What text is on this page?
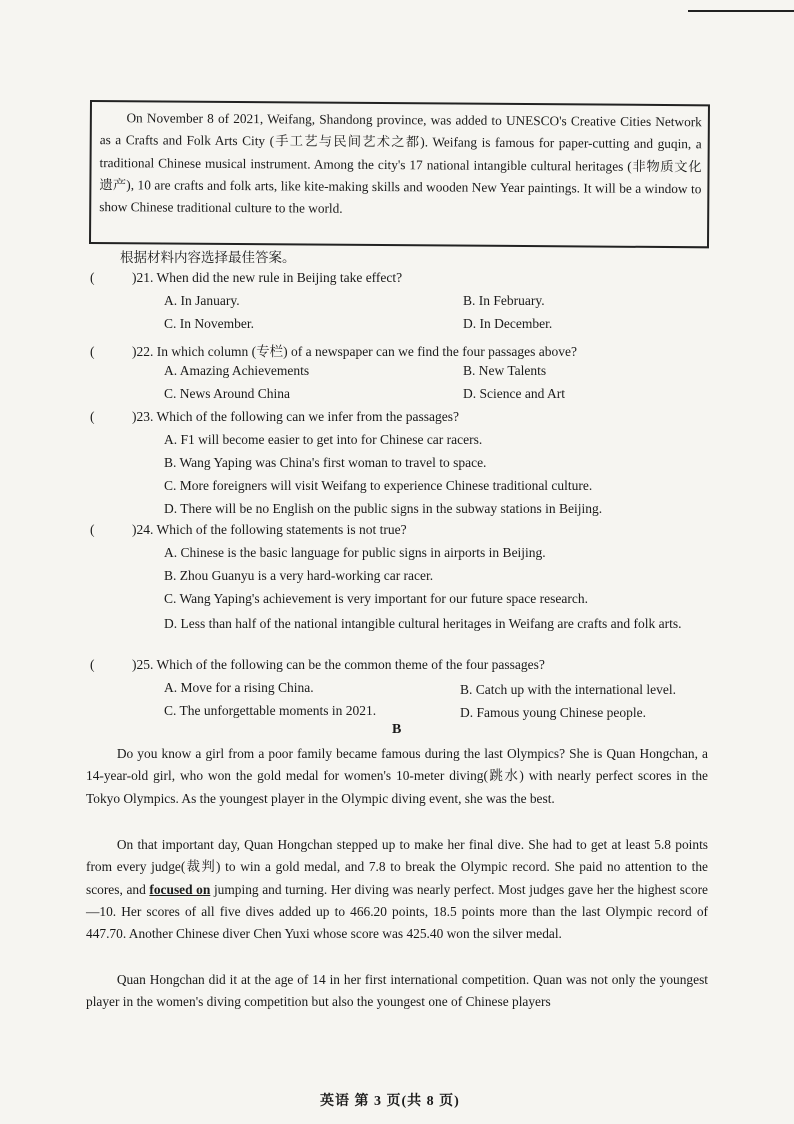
On November 8 of 2021, Weifang, Shandong province, was added to UNESCO's Creative Cities Network as a Crafts and Folk Arts City (手工艺与民间艺术之都). Weifang is famous for paper-cutting and guqin, a traditional Chinese musical instrument. Among the city's 17 national intangible cultural heritages (非物质文化遗产), 10 are crafts and folk arts, like kite-making skills and wooden New Year paintings. It will be a window to show Chinese traditional culture to the world.

根据材料内容选择最佳答案。
(	)21. When did the new rule in Beijing take effect?
A. In January.	B. In February.
C. In November.	D. In December.
(	)22. In which column (专栏) of a newspaper can we find the four passages above?
A. Amazing Achievements	B. New Talents
C. News Around China	D. Science and Art
(	)23. Which of the following can we infer from the passages?
A. F1 will become easier to get into for Chinese car racers.
B. Wang Yaping was China's first woman to travel to space.
C. More foreigners will visit Weifang to experience Chinese traditional culture.
D. There will be no English on the public signs in the subway stations in Beijing.
(	)24. Which of the following statements is not true?
A. Chinese is the basic language for public signs in airports in Beijing.
B. Zhou Guanyu is a very hard-working car racer.
C. Wang Yaping's achievement is very important for our future space research.
D. Less than half of the national intangible cultural heritages in Weifang are crafts and folk arts.
(	)25. Which of the following can be the common theme of the four passages?
A. Move for a rising China.	B. Catch up with the international level.
C. The unforgettable moments in 2021.	D. Famous young Chinese people.
B

Do you know a girl from a poor family became famous during the last Olympics? She is Quan Hongchan, a 14-year-old girl, who won the gold medal for women's 10-meter diving(跳水) with nearly perfect scores in the Tokyo Olympics. As the youngest player in the Olympic diving event, she was the best.

On that important day, Quan Hongchan stepped up to make her final dive. She had to get at least 5.8 points from every judge(裁判) to win a gold medal, and 7.8 to break the Olympic record. She paid no attention to the scores, and focused on jumping and turning. Her diving was nearly perfect. Most judges gave her the highest score—10. Her scores of all five dives added up to 466.20 points, 18.5 points more than the last Olympic record of 447.70. Another Chinese diver Chen Yuxi whose score was 425.40 won the silver medal.

Quan Hongchan did it at the age of 14 in her first international competition. Quan was not only the youngest player in the women's diving competition but also the youngest one of Chinese players

英语 第 3 页(共 8 页)
